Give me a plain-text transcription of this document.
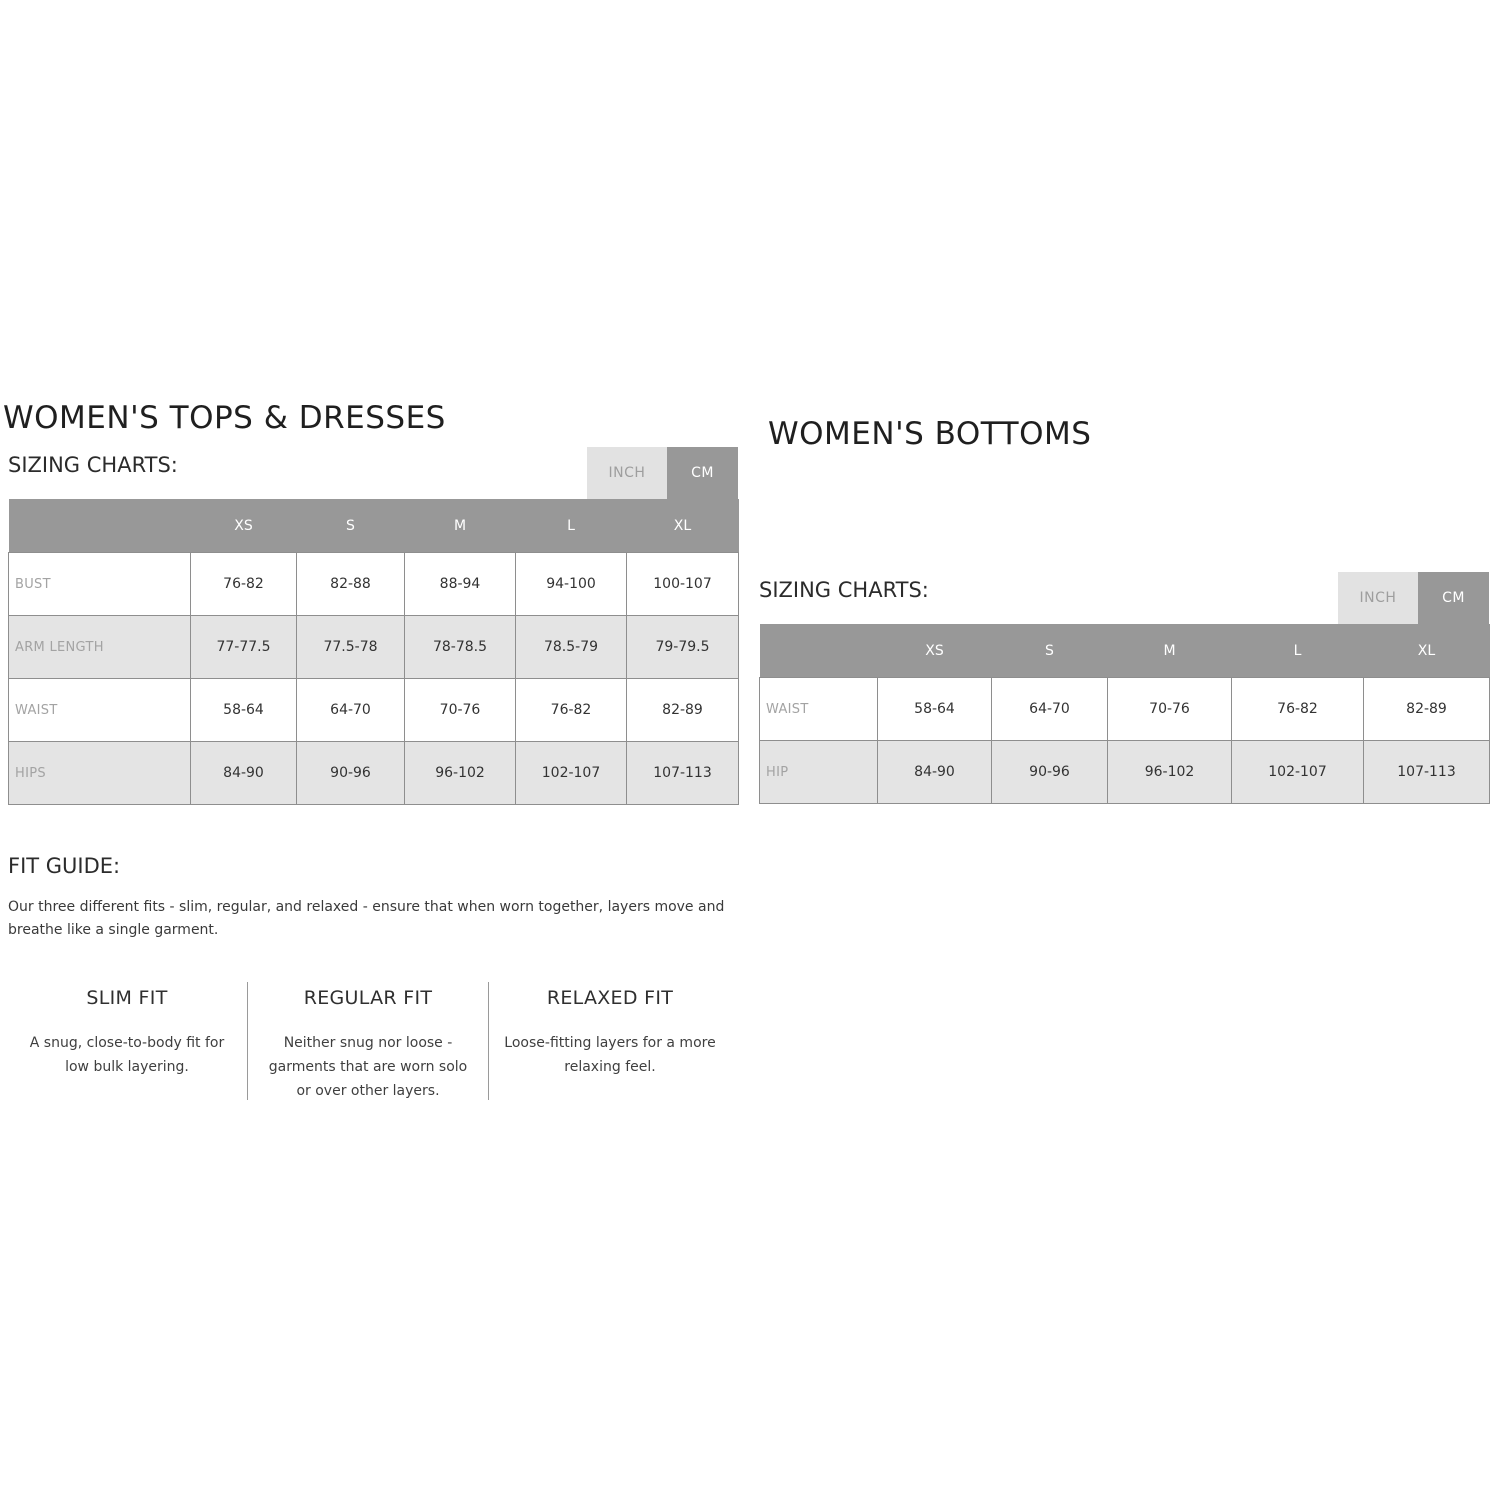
WOMEN'S TOPS & DRESSES
SIZING CHARTS:	INCH	CM
	XS	S	M	L	XL
BUST	76-82	82-88	88-94	94-100	100-107
ARM LENGTH	77-77.5	77.5-78	78-78.5	78.5-79	79-79.5
WAIST	58-64	64-70	70-76	76-82	82-89
HIPS	84-90	90-96	96-102	102-107	107-113
FIT GUIDE:
Our three different fits - slim, regular, and relaxed - ensure that when worn together, layers move and
breathe like a single garment.
SLIM FIT
A snug, close-to-body fit for
low bulk layering.
REGULAR FIT
Neither snug nor loose -
garments that are worn solo
or over other layers.
RELAXED FIT
Loose-fitting layers for a more
relaxing feel.
WOMEN'S BOTTOMS
SIZING CHARTS:	INCH	CM
	XS	S	M	L	XL
WAIST	58-64	64-70	70-76	76-82	82-89
HIP	84-90	90-96	96-102	102-107	107-113
